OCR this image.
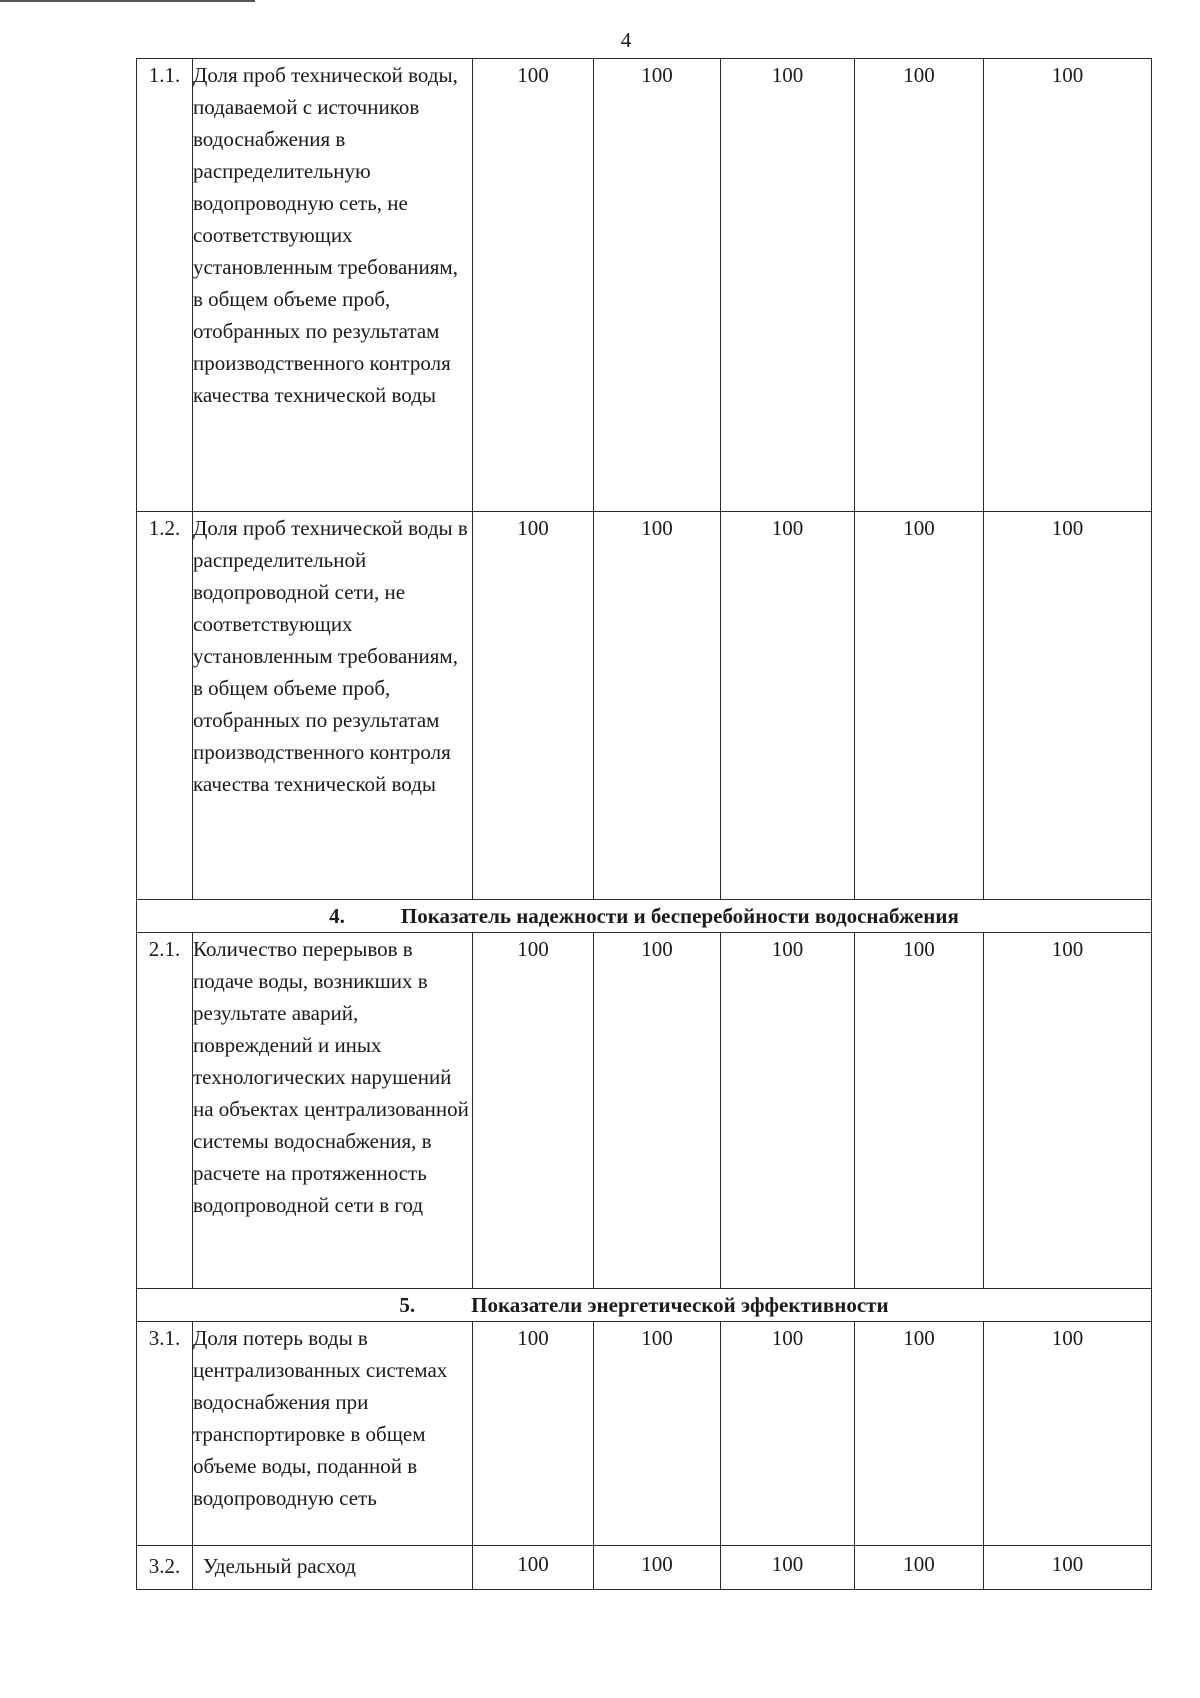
4
1.1.	Доля проб технической воды, подаваемой с источников водоснабжения в распределительную водопроводную сеть, не соответствующих установленным требованиям, в общем объеме проб, отобранных по результатам производственного контроля качества технической воды	100	100	100	100	100
1.2.	Доля проб технической воды в распределительной водопроводной сети, не соответствующих установленным требованиям, в общем объеме проб, отобранных по результатам производственного контроля качества технической воды	100	100	100	100	100
4. Показатель надежности и бесперебойности водоснабжения						
2.1.	Количество перерывов в подаче воды, возникших в результате аварий, повреждений и иных технологических нарушений на объектах централизованной системы водоснабжения, в расчете на протяженность водопроводной сети в год	100	100	100	100	100
5. Показатели энергетической эффективности						
3.1.	Доля потерь воды в централизованных системах водоснабжения при транспортировке в общем объеме воды, поданной в водопроводную сеть	100	100	100	100	100
3.2.	Удельный расход	100	100	100	100	100
